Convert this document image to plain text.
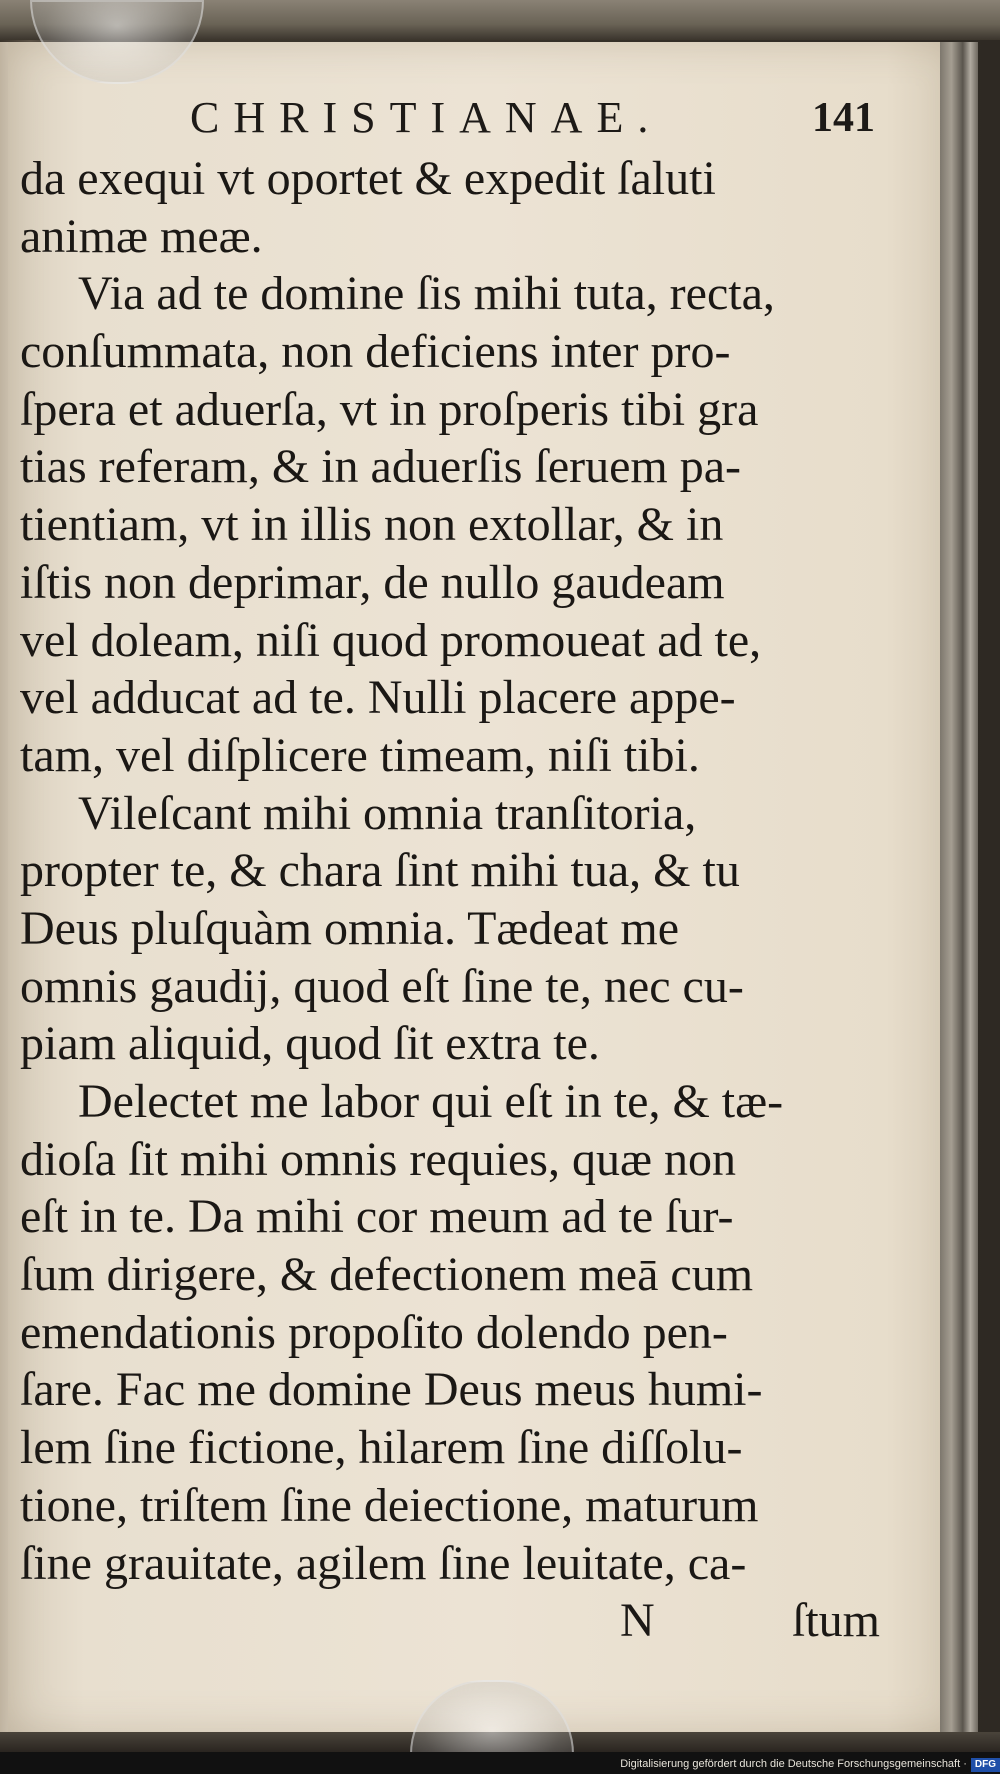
CHRISTIANAE.	141
da exequi vt oportet & expedit ſaluti
animæ meæ.
Via ad te domine ſis mihi tuta, recta,
conſummata, non deficiens inter pro-
ſpera et aduerſa, vt in proſperis tibi gra
tias referam, & in aduerſis ſeruem pa-
tientiam, vt in illis non extollar, & in
iſtis non deprimar, de nullo gaudeam
vel doleam, niſi quod promoueat ad te,
vel adducat ad te. Nulli placere appe-
tam, vel diſplicere timeam, niſi tibi.
Vileſcant mihi omnia tranſitoria,
propter te, & chara ſint mihi tua, & tu
Deus pluſquàm omnia. Tædeat me
omnis gaudij, quod eſt ſine te, nec cu-
piam aliquid, quod ſit extra te.
Delectet me labor qui eſt in te, & tæ-
dioſa ſit mihi omnis requies, quæ non
eſt in te. Da mihi cor meum ad te ſur-
ſum dirigere, & defectionem meā cum
emendationis propoſito dolendo pen-
ſare. Fac me domine Deus meus humi-
lem ſine fictione, hilarem ſine diſſolu-
tione, triſtem ſine deiectione, maturum
ſine grauitate, agilem ſine leuitate, ca-
N	ſtum
Digitalisierung gefördert durch die Deutsche Forschungsgemeinschaft · DFG
